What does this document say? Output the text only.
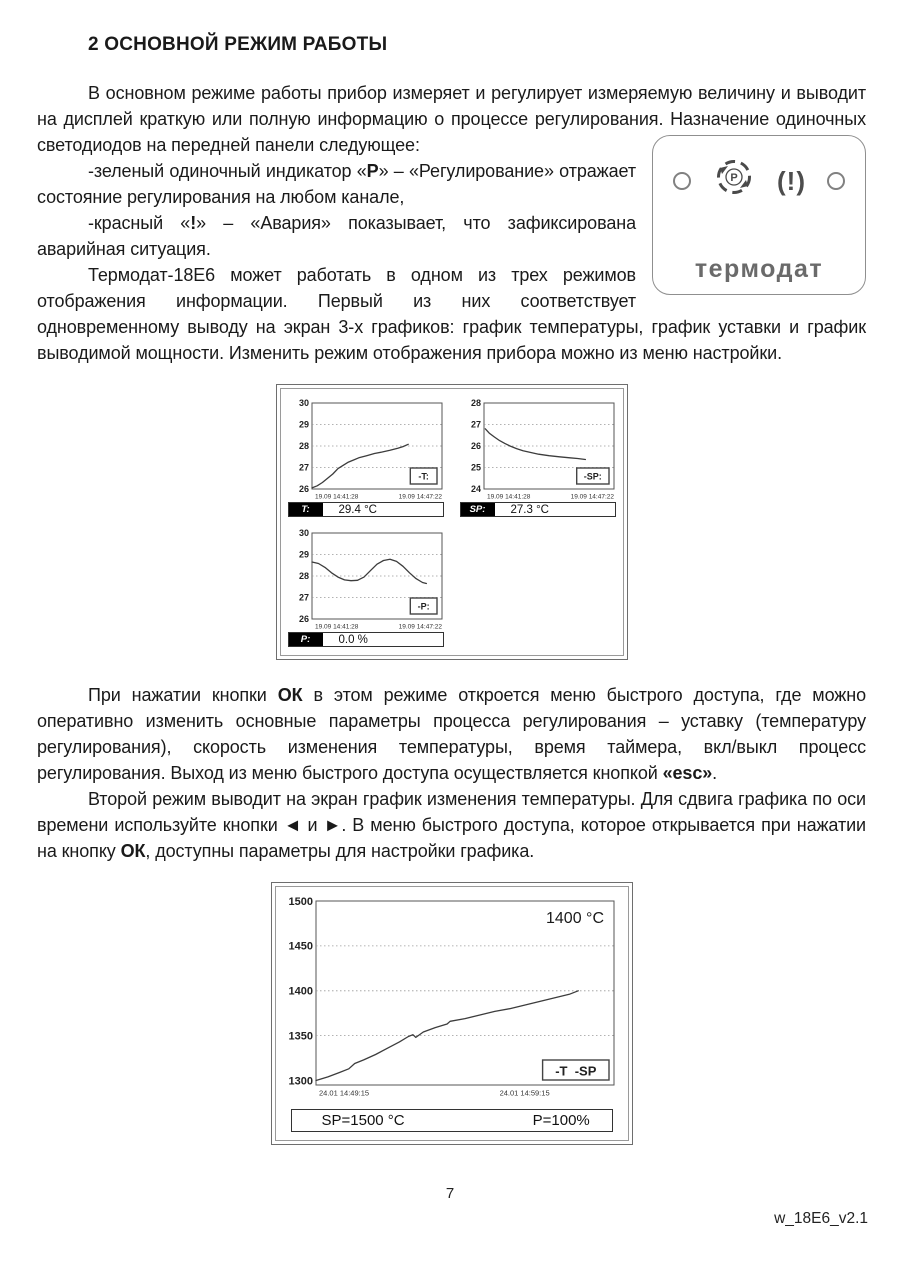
2 ОСНОВНОЙ РЕЖИМ РАБОТЫ

В основном режиме работы прибор измеряет и регулирует измеряемую величину и выводит на дисплей краткую или полную информацию о процессе регулирования.
P (!)
термодат
Назначение одиночных светодиодов на передней панели следующее:

-зеленый одиночный индикатор «Р» – «Регулирование» отражает состояние регулирования на любом канале,

-красный «!» – «Авария» показывает, что зафиксирована аварийная ситуация.

Термодат-18Е6 может работать в одном из трех режимов отображения информации. Первый из них соответствует одновременному выводу на экран 3-х графиков: график температуры, график уставки и график выводимой мощности. Изменить режим отображения прибора можно из меню настройки.

30
29
28
27
26
19.09 14:41:28	19.09 14:47:22
-T:
T:	29.4 °C
28
27
26
25
24
19.09 14:41:28	19.09 14:47:22
-SP:
SP:	27.3 °C
30
29
28
27
26
19.09 14:41:28	19.09 14:47:22
-P:
P:	0.0 %

При нажатии кнопки ОК в этом режиме откроется меню быстрого доступа, где можно оперативно изменить основные параметры процесса регулирования – уставку (температуру регулирования), скорость изменения температуры, время таймера, вкл/выкл процесс регулирования. Выход из меню быстрого доступа осуществляется кнопкой «esc».

Второй режим выводит на экран график изменения температуры. Для сдвига графика по оси времени используйте кнопки ◄ и ►. В меню быстрого доступа, которое открывается при нажатии на кнопку ОК, доступны параметры для настройки графика.

1500
1450
1400
1350
1300
24.01 14:49:15	24.01 14:59:15
-T  -SP
1400 °C
SP=1500 °C	P=100%
7
w_18E6_v2.1
